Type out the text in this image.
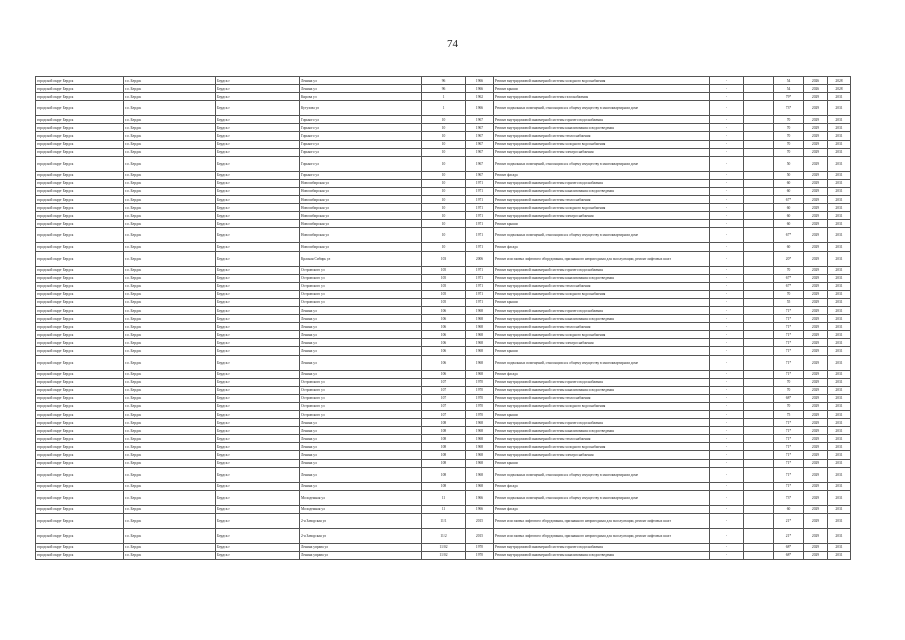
74
городской округ Бердск	г.о. Бердск	Бердск г	Ленина ул	96	1966	Ремонт внутридомовой инженерной системы холодного водоснабжения	-		54	2026	2028
городской округ Бердск	г.о. Бердск	Бердск г	Ленина ул	96	1966	Ремонт крыши	-		54	2026	2028
городской округ Бердск	г.о. Бердск	Бердск г	Кирова ул	1	1962	Ремонт внутридомовой инженерной системы газоснабжения	-		79*	2029	2031
городской округ Бердск	г.о. Бердск	Бердск г	Кутузова ул	1	1966	Ремонт подвальных помещений, относящихся к общему имуществу в многоквартирном доме	-		73*	2029	2031
городской округ Бердск	г.о. Бердск	Бердск г	Горького ул	10	1967	Ремонт внутридомовой инженерной системы горячего водоснабжения	-		70	2029	2031
городской округ Бердск	г.о. Бердск	Бердск г	Горького ул	10	1967	Ремонт внутридомовой инженерной системы канализования и водоотведения	-		70	2029	2031
городской округ Бердск	г.о. Бердск	Бердск г	Горького ул	10	1967	Ремонт внутридомовой инженерной системы теплоснабжения	-		70	2029	2031
городской округ Бердск	г.о. Бердск	Бердск г	Горького ул	10	1967	Ремонт внутридомовой инженерной системы холодного водоснабжения	-		70	2029	2031
городской округ Бердск	г.о. Бердск	Бердск г	Горького ул	10	1967	Ремонт внутридомовой инженерной системы электроснабжения	-		70	2029	2031
городской округ Бердск	г.о. Бердск	Бердск г	Горького ул	10	1967	Ремонт подвальных помещений, относящихся к общему имуществу в многоквартирном доме	-		50	2029	2031
городской округ Бердск	г.о. Бердск	Бердск г	Горького ул	10	1967	Ремонт фасада	-		50	2029	2031
городской округ Бердск	г.о. Бердск	Бердск г	Новосибирская ул	10	1971	Ремонт внутридомовой инженерной системы горячего водоснабжения	-		60	2029	2031
городской округ Бердск	г.о. Бердск	Бердск г	Новосибирская ул	10	1971	Ремонт внутридомовой инженерной системы канализования и водоотведения	-		60	2029	2031
городской округ Бердск	г.о. Бердск	Бердск г	Новосибирская ул	10	1971	Ремонт внутридомовой инженерной системы теплоснабжения	-		67*	2029	2031
городской округ Бердск	г.о. Бердск	Бердск г	Новосибирская ул	10	1971	Ремонт внутридомовой инженерной системы холодного водоснабжения	-		60	2029	2031
городской округ Бердск	г.о. Бердск	Бердск г	Новосибирская ул	10	1971	Ремонт внутридомовой инженерной системы электроснабжения	-		60	2029	2031
городской округ Бердск	г.о. Бердск	Бердск г	Новосибирская ул	10	1971	Ремонт крыши	-		60	2029	2031
городской округ Бердск	г.о. Бердск	Бердск г	Новосибирская ул	10	1971	Ремонт подвальных помещений, относящихся к общему имуществу в многоквартирном доме	-		67*	2029	2031
городской округ Бердск	г.о. Бердск	Бердск г	Новосибирская ул	10	1971	Ремонт фасада	-		60	2029	2031
городской округ Бердск	г.о. Бердск	Бердск г	Красная Сибирь ул	103	2006	Ремонт или замена лифтового оборудования, признанного непригодным для эксплуатации, ремонт лифтовых шахт	-		20*	2029	2031
городской округ Бердск	г.о. Бердск	Бердск г	Островского ул	105	1971	Ремонт внутридомовой инженерной системы горячего водоснабжения	-		70	2029	2031
городской округ Бердск	г.о. Бердск	Бердск г	Островского ул	105	1971	Ремонт внутридомовой инженерной системы канализования и водоотведения	-		67*	2029	2031
городской округ Бердск	г.о. Бердск	Бердск г	Островского ул	105	1971	Ремонт внутридомовой инженерной системы теплоснабжения	-		67*	2029	2031
городской округ Бердск	г.о. Бердск	Бердск г	Островского ул	105	1971	Ремонт внутридомовой инженерной системы холодного водоснабжения	-		70	2029	2031
городской округ Бердск	г.о. Бердск	Бердск г	Островского ул	105	1971	Ремонт крыши	-		55	2029	2031
городской округ Бердск	г.о. Бердск	Бердск г	Ленина ул	106	1968	Ремонт внутридомовой инженерной системы горячего водоснабжения	-		71*	2029	2031
городской округ Бердск	г.о. Бердск	Бердск г	Ленина ул	106	1968	Ремонт внутридомовой инженерной системы канализования и водоотведения	-		71*	2029	2031
городской округ Бердск	г.о. Бердск	Бердск г	Ленина ул	106	1968	Ремонт внутридомовой инженерной системы теплоснабжения	-		71*	2029	2031
городской округ Бердск	г.о. Бердск	Бердск г	Ленина ул	106	1968	Ремонт внутридомовой инженерной системы холодного водоснабжения	-		71*	2029	2031
городской округ Бердск	г.о. Бердск	Бердск г	Ленина ул	106	1968	Ремонт внутридомовой инженерной системы электроснабжения	-		71*	2029	2031
городской округ Бердск	г.о. Бердск	Бердск г	Ленина ул	106	1968	Ремонт крыши	-		71*	2029	2031
городской округ Бердск	г.о. Бердск	Бердск г	Ленина ул	106	1968	Ремонт подвальных помещений, относящихся к общему имуществу в многоквартирном доме	-		71*	2029	2031
городской округ Бердск	г.о. Бердск	Бердск г	Ленина ул	106	1968	Ремонт фасада	-		71*	2029	2031
городской округ Бердск	г.о. Бердск	Бердск г	Островского ул	107	1970	Ремонт внутридомовой инженерной системы горячего водоснабжения	-		70	2029	2031
городской округ Бердск	г.о. Бердск	Бердск г	Островского ул	107	1970	Ремонт внутридомовой инженерной системы канализования и водоотведения	-		70	2029	2031
городской округ Бердск	г.о. Бердск	Бердск г	Островского ул	107	1970	Ремонт внутридомовой инженерной системы теплоснабжения	-		68*	2029	2031
городской округ Бердск	г.о. Бердск	Бердск г	Островского ул	107	1970	Ремонт внутридомовой инженерной системы холодного водоснабжения	-		70	2029	2031
городской округ Бердск	г.о. Бердск	Бердск г	Островского ул	107	1970	Ремонт крыши	-		75	2029	2031
городской округ Бердск	г.о. Бердск	Бердск г	Ленина ул	108	1968	Ремонт внутридомовой инженерной системы горячего водоснабжения	-		71*	2029	2031
городской округ Бердск	г.о. Бердск	Бердск г	Ленина ул	108	1968	Ремонт внутридомовой инженерной системы канализования и водоотведения	-		71*	2029	2031
городской округ Бердск	г.о. Бердск	Бердск г	Ленина ул	108	1968	Ремонт внутридомовой инженерной системы теплоснабжения	-		71*	2029	2031
городской округ Бердск	г.о. Бердск	Бердск г	Ленина ул	108	1968	Ремонт внутридомовой инженерной системы холодного водоснабжения	-		71*	2029	2031
городской округ Бердск	г.о. Бердск	Бердск г	Ленина ул	108	1968	Ремонт внутридомовой инженерной системы электроснабжения	-		71*	2029	2031
городской округ Бердск	г.о. Бердск	Бердск г	Ленина ул	108	1968	Ремонт крыши	-		71*	2029	2031
городской округ Бердск	г.о. Бердск	Бердск г	Ленина ул	108	1968	Ремонт подвальных помещений, относящихся к общему имуществу в многоквартирном доме	-		71*	2029	2031
городской округ Бердск	г.о. Бердск	Бердск г	Ленина ул	108	1968	Ремонт фасада	-		71*	2029	2031
городской округ Бердск	г.о. Бердск	Бердск г	Молодежная ул	11	1966	Ремонт подвальных помещений, относящихся к общему имуществу в многоквартирном доме	-		73*	2029	2031
городской округ Бердск	г.о. Бердск	Бердск г	Молодежная ул	11	1966	Ремонт фасада	-		60	2029	2031
городской округ Бердск	г.о. Бердск	Бердск г	2-я Заводская ул	11/1	2015	Ремонт или замена лифтового оборудования, признанного непригодным для эксплуатации, ремонт лифтовых шахт	-		21*	2029	2031
городской округ Бердск	г.о. Бердск	Бердск г	2-я Заводская ул	11/2	2015	Ремонт или замена лифтового оборудования, признанного непригодным для эксплуатации, ремонт лифтовых шахт	-		21*	2029	2031
городской округ Бердск	г.о. Бердск	Бердск г	Ленина управа ул	11/02	1970	Ремонт внутридомовой инженерной системы горячего водоснабжения	-		68*	2029	2031
городской округ Бердск	г.о. Бердск	Бердск г	Ленина управа ул	11/02	1970	Ремонт внутридомовой инженерной системы канализования и водоотведения	-		68*	2029	2031
